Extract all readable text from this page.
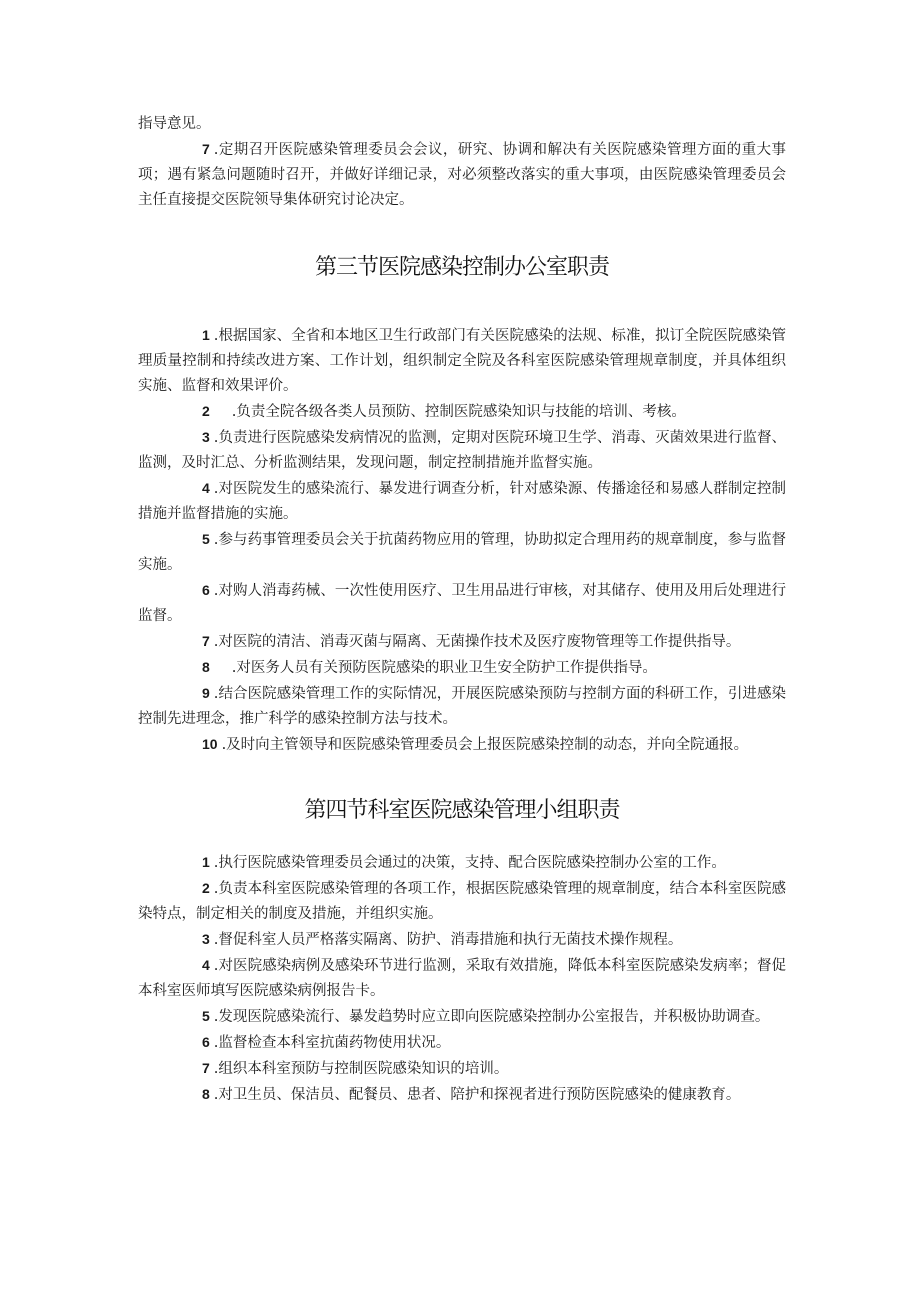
指导意见。

7 .定期召开医院感染管理委员会会议，研究、协调和解决有关医院感染管理方面的重大事项；遇有紧急问题随时召开，并做好详细记录，对必须整改落实的重大事项，由医院感染管理委员会主任直接提交医院领导集体研究讨论决定。

第三节医院感染控制办公室职责

1 .根据国家、全省和本地区卫生行政部门有关医院感染的法规、标准，拟订全院医院感染管理质量控制和持续改进方案、工作计划，组织制定全院及各科室医院感染管理规章制度，并具体组织实施、监督和效果评价。

2 .负责全院各级各类人员预防、控制医院感染知识与技能的培训、考核。

3 .负责进行医院感染发病情况的监测，定期对医院环境卫生学、消毒、灭菌效果进行监督、监测，及时汇总、分析监测结果，发现问题，制定控制措施并监督实施。

4 .对医院发生的感染流行、暴发进行调查分析，针对感染源、传播途径和易感人群制定控制措施并监督措施的实施。

5 .参与药事管理委员会关于抗菌药物应用的管理，协助拟定合理用药的规章制度，参与监督实施。

6 .对购人消毒药械、一次性使用医疗、卫生用品进行审核，对其储存、使用及用后处理进行监督。

7 .对医院的清洁、消毒灭菌与隔离、无菌操作技术及医疗废物管理等工作提供指导。

8 .对医务人员有关预防医院感染的职业卫生安全防护工作提供指导。

9 .结合医院感染管理工作的实际情况，开展医院感染预防与控制方面的科研工作，引进感染控制先进理念，推广科学的感染控制方法与技术。

10 .及时向主管领导和医院感染管理委员会上报医院感染控制的动态，并向全院通报。

第四节科室医院感染管理小组职责

1 .执行医院感染管理委员会通过的决策，支持、配合医院感染控制办公室的工作。

2 .负责本科室医院感染管理的各项工作，根据医院感染管理的规章制度，结合本科室医院感染特点，制定相关的制度及措施，并组织实施。

3 .督促科室人员严格落实隔离、防护、消毒措施和执行无菌技术操作规程。

4 .对医院感染病例及感染环节进行监测，采取有效措施，降低本科室医院感染发病率；督促本科室医师填写医院感染病例报告卡。

5 .发现医院感染流行、暴发趋势时应立即向医院感染控制办公室报告，并积极协助调查。

6 .监督检查本科室抗菌药物使用状况。

7 .组织本科室预防与控制医院感染知识的培训。

8 .对卫生员、保洁员、配餐员、患者、陪护和探视者进行预防医院感染的健康教育。
